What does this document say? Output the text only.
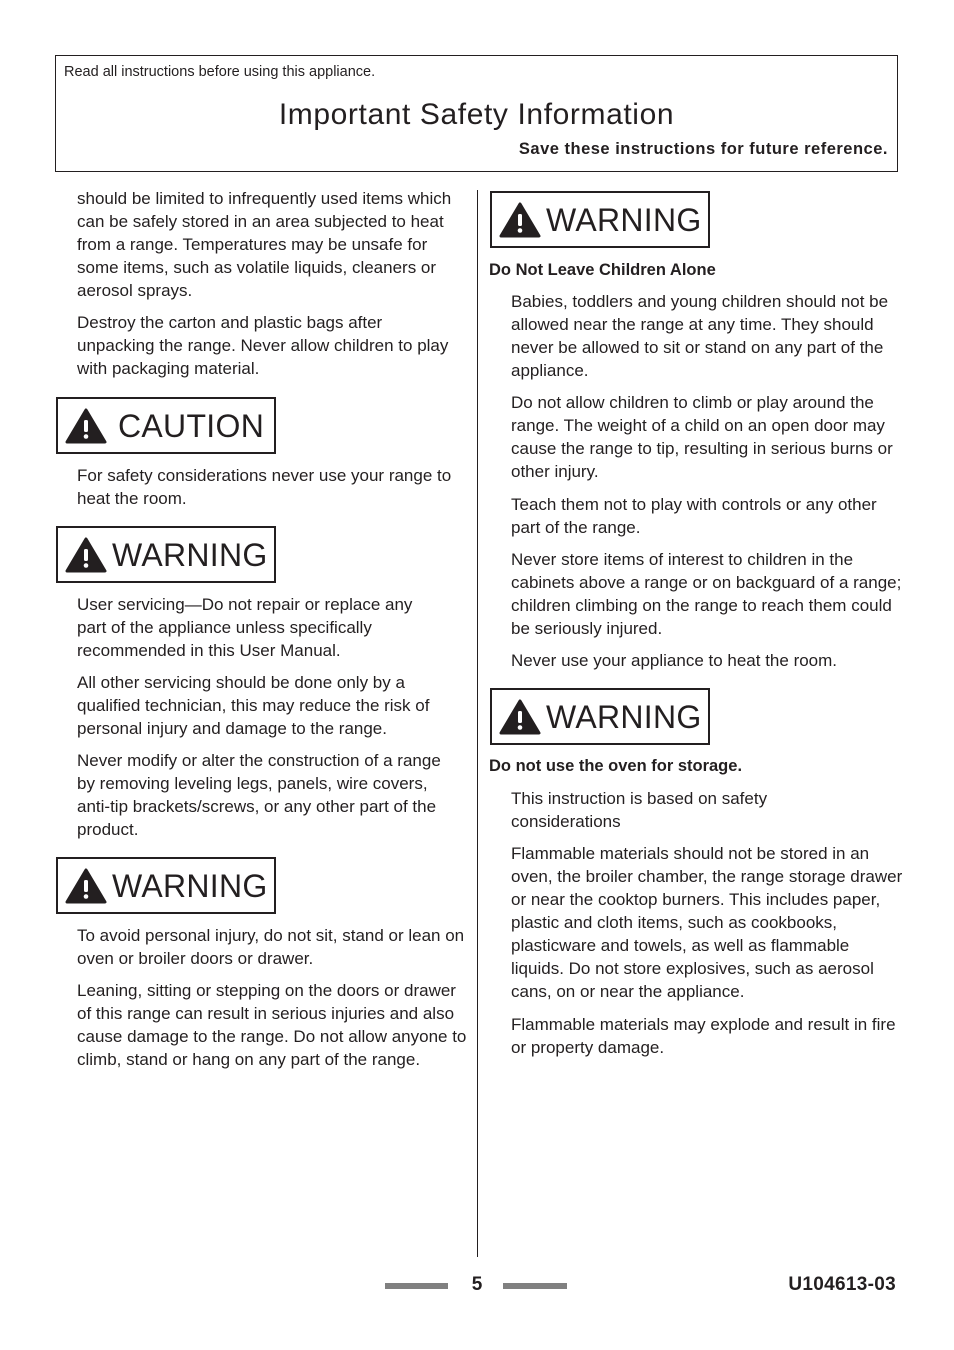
Read all instructions before using this appliance.
Important Safety Information
Save these instructions for future reference.

should be limited to infrequently used items which can be safely stored in an area subjected to heat from a range. Temperatures may be unsafe for some items, such as volatile liquids, cleaners or aerosol sprays.

Destroy the carton and plastic bags after unpacking the range. Never allow children to play with packaging material.

CAUTION

For safety considerations never use your range to heat the room.

WARNING

User servicing—Do not repair or replace any part of the appliance unless specifically recommended in this User Manual.

All other servicing should be done only by a qualified technician, this may reduce the risk of personal injury and damage to the range.

Never modify or alter the construction of a range by removing leveling legs, panels, wire covers, anti-tip brackets/screws, or any other part of the product.

WARNING

To avoid personal injury, do not sit, stand or lean on oven or broiler doors or drawer.

Leaning, sitting or stepping on the doors or drawer of this range can result in serious injuries and also cause damage to the range. Do not allow anyone to climb, stand or hang on any part of the range.

WARNING

Do Not Leave Children Alone

Babies, toddlers and young children should not be allowed near the range at any time. They should never be allowed to sit or stand on any part of the appliance.

Do not allow children to climb or play around the range. The weight of a child on an open door may cause the range to tip, resulting in serious burns or other injury.

Teach them not to play with controls or any other part of the range.

Never store items of interest to children in the cabinets above a range or on backguard of a range; children climbing on the range to reach them could be seriously injured.

Never use your appliance to heat the room.

WARNING

Do not use the oven for storage.

This instruction is based on safety considerations

Flammable materials should not be stored in an oven, the broiler chamber, the range storage drawer or near the cooktop burners. This includes paper, plastic and cloth items, such as cookbooks, plasticware and towels, as well as flammable liquids. Do not store explosives, such as aerosol cans, on or near the appliance.

Flammable materials may explode and result in fire or property damage.

5	U104613-03
